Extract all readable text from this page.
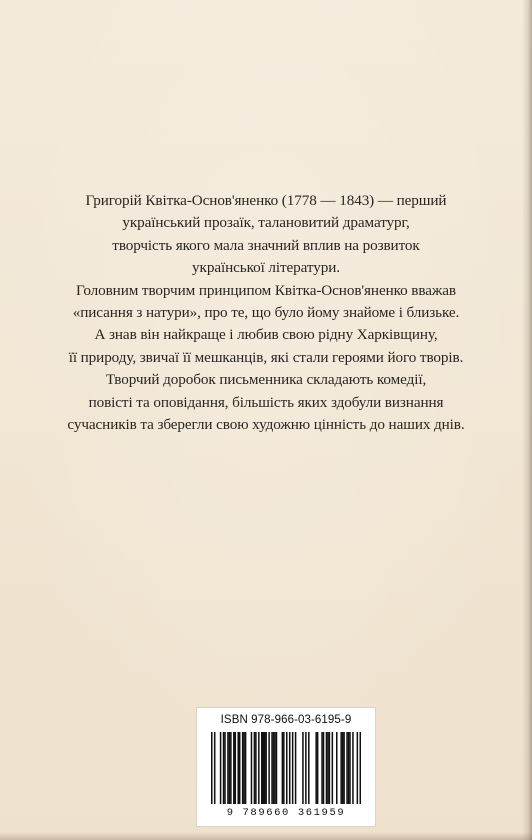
Григорій Квітка-Основ'яненко (1778 — 1843) — перший
український прозаїк, талановитий драматург,
творчість якого мала значний вплив на розвиток
української літератури.
Головним творчим принципом Квітка-Основ'яненко вважав
«писання з натури», про те, що було йому знайоме і близьке.
А знав він найкраще і любив свою рідну Харківщину,
її природу, звичаї її мешканців, які стали героями його творів.
Творчий доробок письменника складають комедії,
повісті та оповідання, більшість яких здобули визнання
сучасників та зберегли свою художню цінність до наших днів.
ISBN 978-966-03-6195-9
9 789660 361959
